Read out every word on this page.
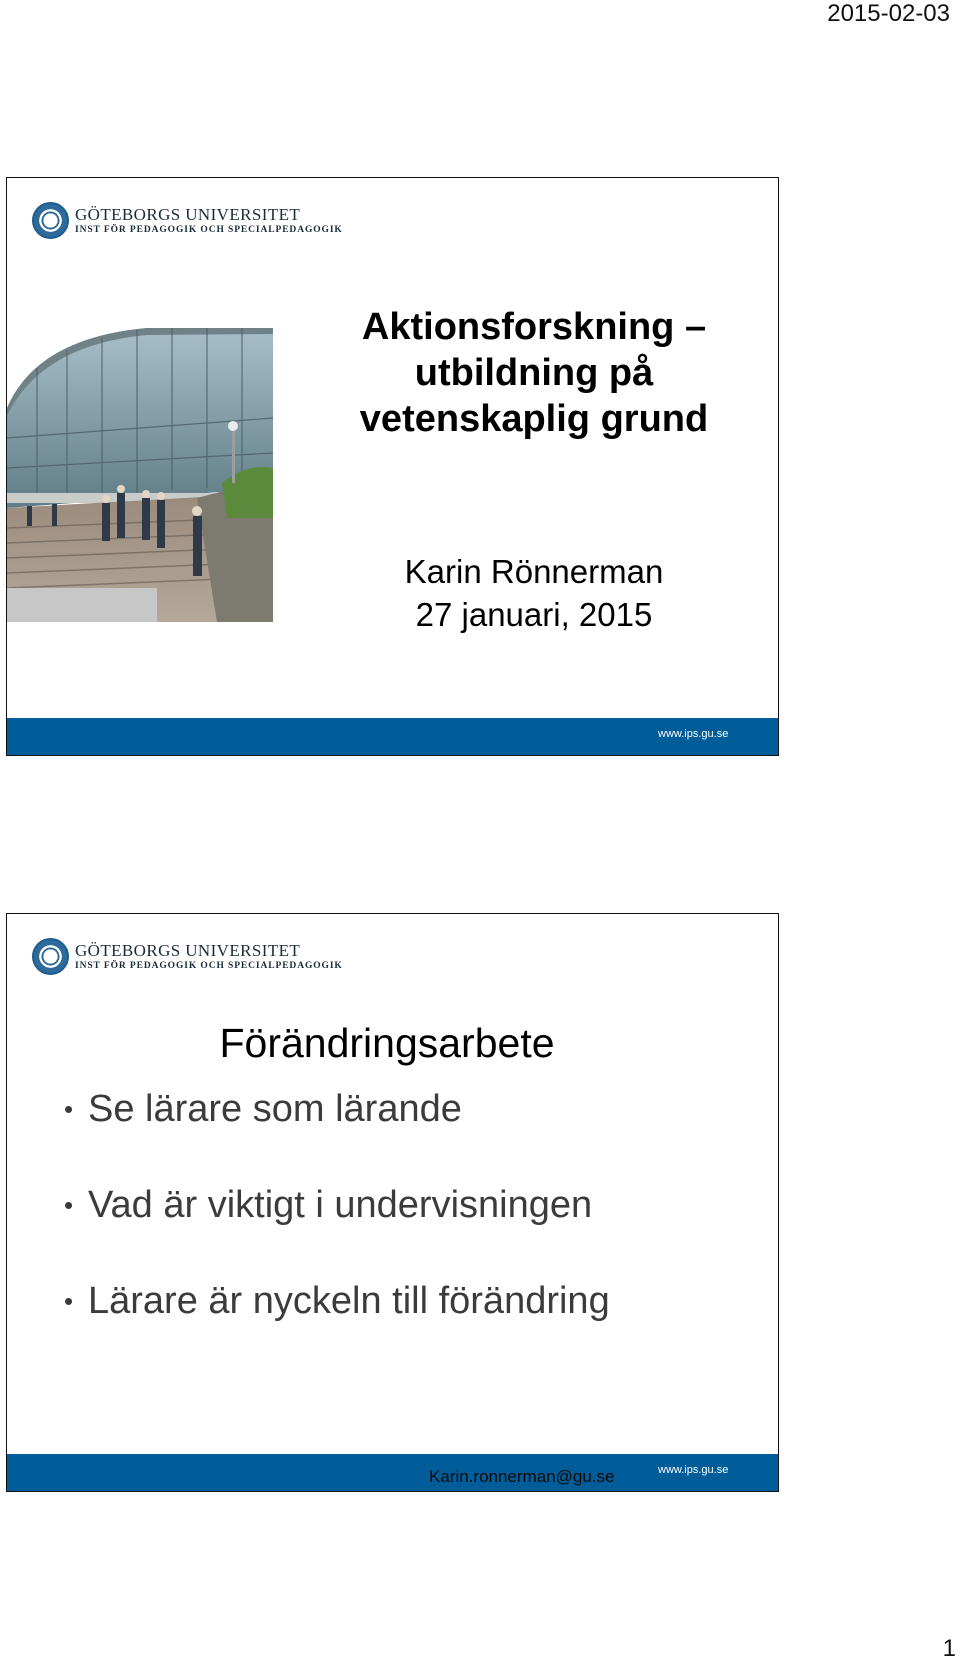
2015-02-03
GÖTEBORGS UNIVERSITET
INST FÖR PEDAGOGIK OCH SPECIALPEDAGOGIK
Aktionsforskning –
utbildning på
vetenskaplig grund
Karin Rönnerman
27 januari, 2015
www.ips.gu.se
GÖTEBORGS UNIVERSITET
INST FÖR PEDAGOGIK OCH SPECIALPEDAGOGIK
Förändringsarbete
• Se lärare som lärande
• Vad är viktigt i undervisningen
• Lärare är nyckeln till förändring
Karin.ronnerman@gu.se	www.ips.gu.se
1
